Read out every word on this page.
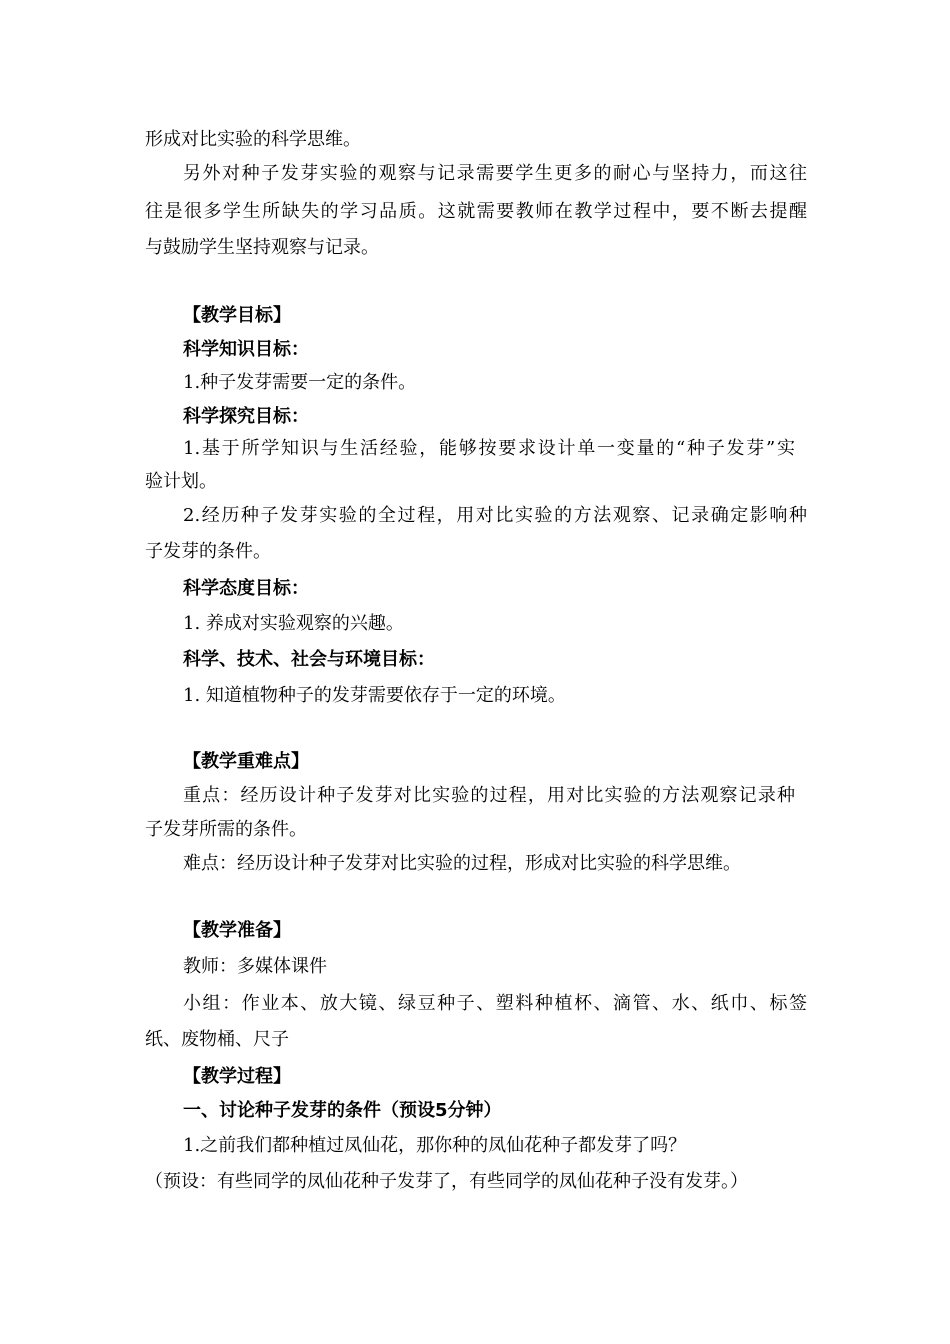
形成对比实验的科学思维。
另外对种子发芽实验的观察与记录需要学生更多的耐心与坚持力，而这往
往是很多学生所缺失的学习品质。这就需要教师在教学过程中，要不断去提醒
与鼓励学生坚持观察与记录。
【教学目标】
科学知识目标：
1.种子发芽需要一定的条件。
科学探究目标：
1.基于所学知识与生活经验，能够按要求设计单一变量的“种子发芽”实
验计划。
2.经历种子发芽实验的全过程，用对比实验的方法观察、记录确定影响种
子发芽的条件。
科学态度目标：
1. 养成对实验观察的兴趣。
科学、技术、社会与环境目标：
1. 知道植物种子的发芽需要依存于一定的环境。
【教学重难点】
重点：经历设计种子发芽对比实验的过程，用对比实验的方法观察记录种
子发芽所需的条件。
难点：经历设计种子发芽对比实验的过程，形成对比实验的科学思维。
【教学准备】
教师：多媒体课件
小组：作业本、放大镜、绿豆种子、塑料种植杯、滴管、水、纸巾、标签
纸、废物桶、尺子
【教学过程】
一、讨论种子发芽的条件（预设5分钟）
1.之前我们都种植过凤仙花，那你种的凤仙花种子都发芽了吗？
（预设：有些同学的凤仙花种子发芽了，有些同学的凤仙花种子没有发芽。）
